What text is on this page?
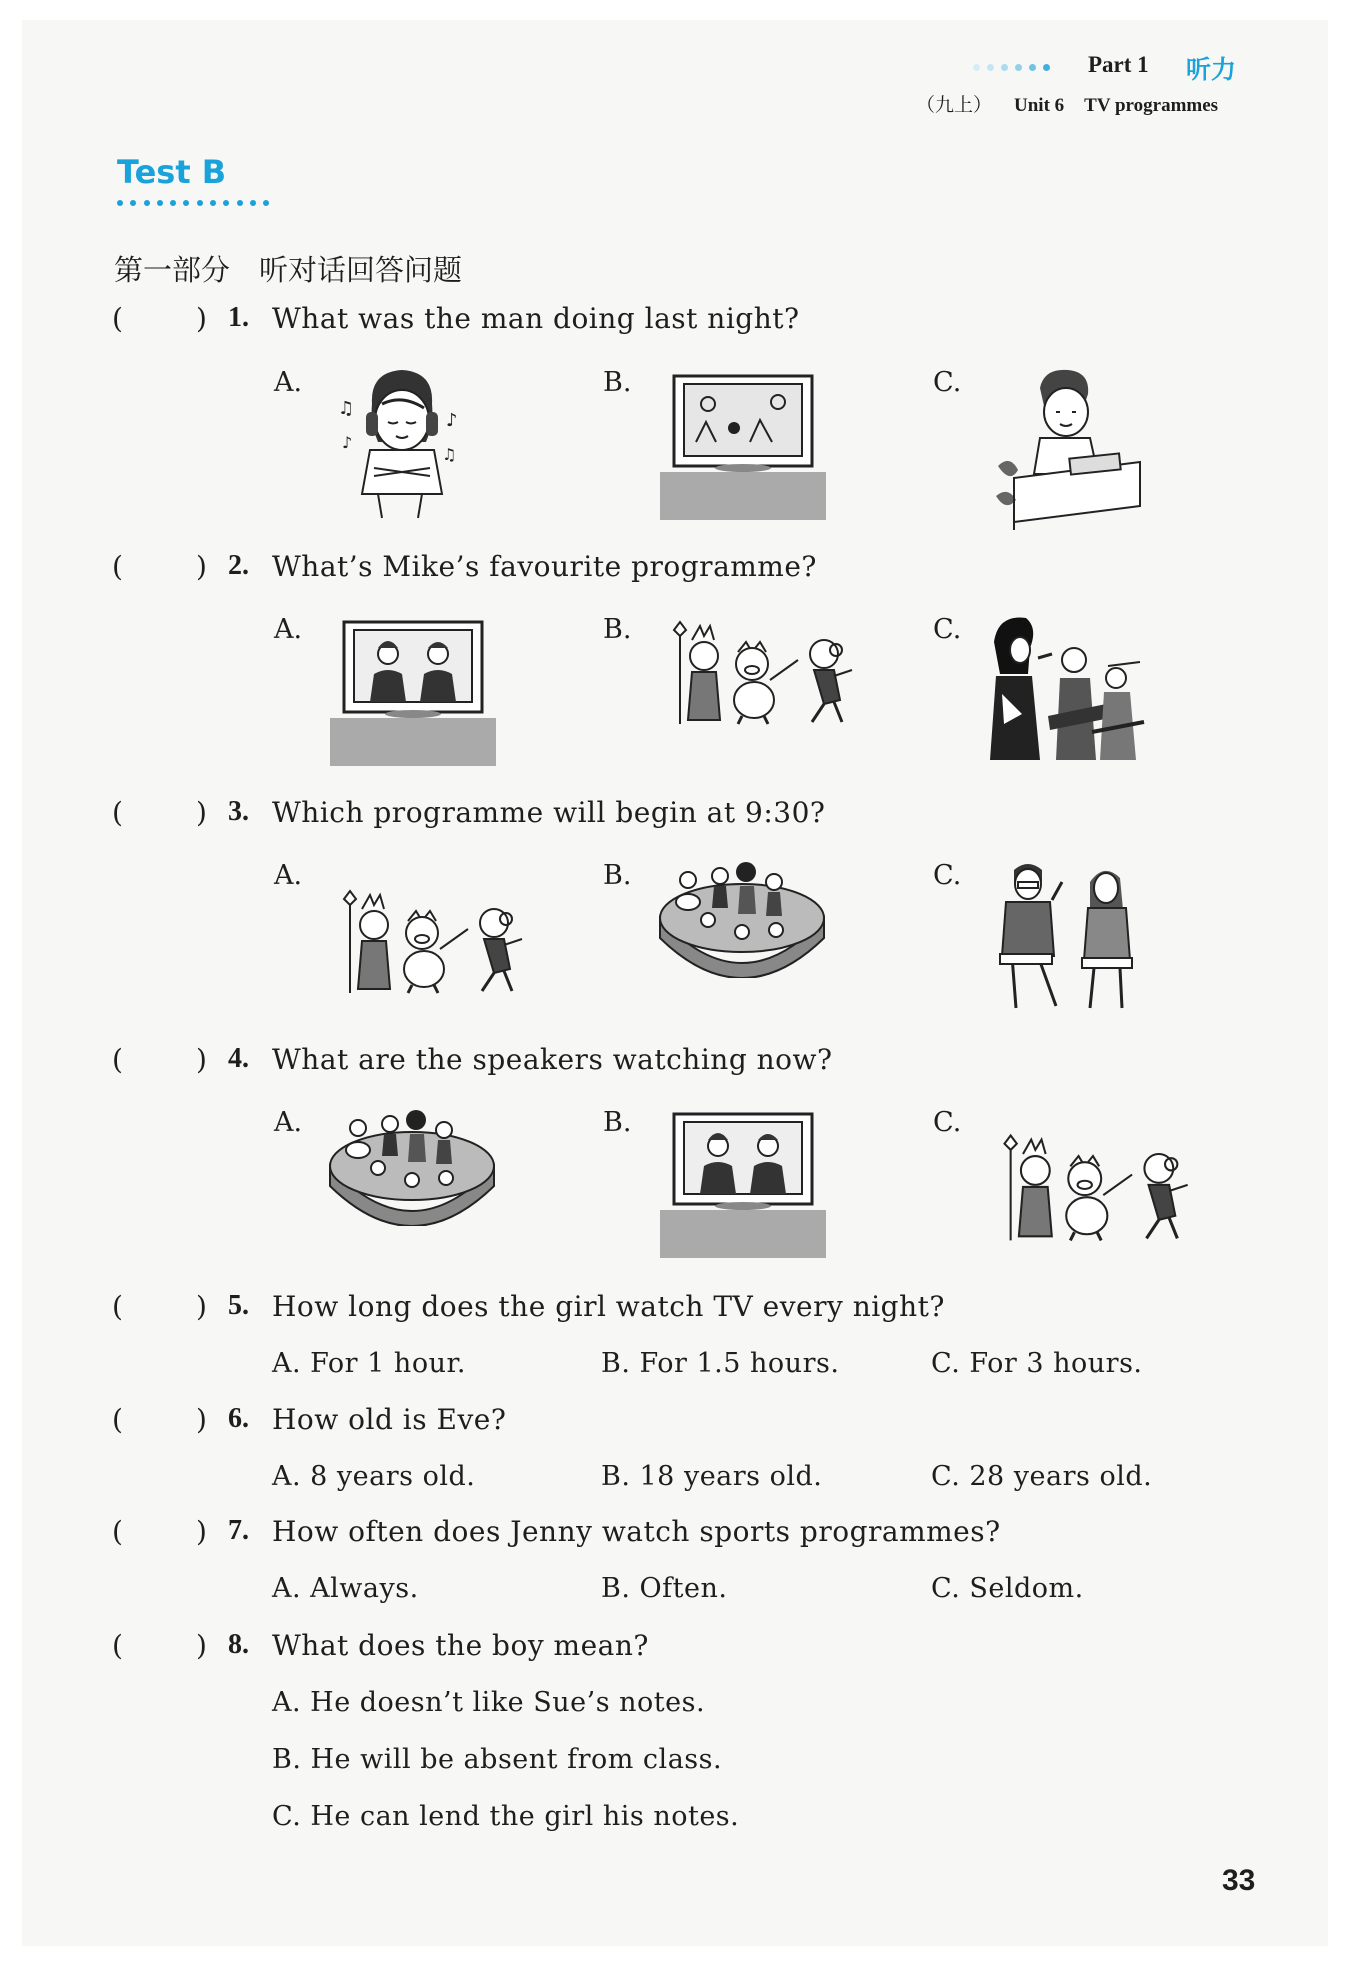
Part 1 听力
（九上） Unit 6 TV programmes
Test B
第一部分　听对话回答问题
(	) 1. What was the man doing last night?
A.	B.	C.
♫
♪
♪
♫
(	) 2. What’s Mike’s favourite programme?
A.	B.	C.
(	) 3. Which programme will begin at 9:30?
A.	B.	C.
(	) 4. What are the speakers watching now?
A.	B.	C.
(	) 5. How long does the girl watch TV every night?
A. For 1 hour.	B. For 1.5 hours.	C. For 3 hours.
(	) 6. How old is Eve?
A. 8 years old.	B. 18 years old.	C. 28 years old.
(	) 7. How often does Jenny watch sports programmes?
A. Always.	B. Often.	C. Seldom.
(	) 8. What does the boy mean?
A. He doesn’t like Sue’s notes.
B. He will be absent from class.
C. He can lend the girl his notes.
33
